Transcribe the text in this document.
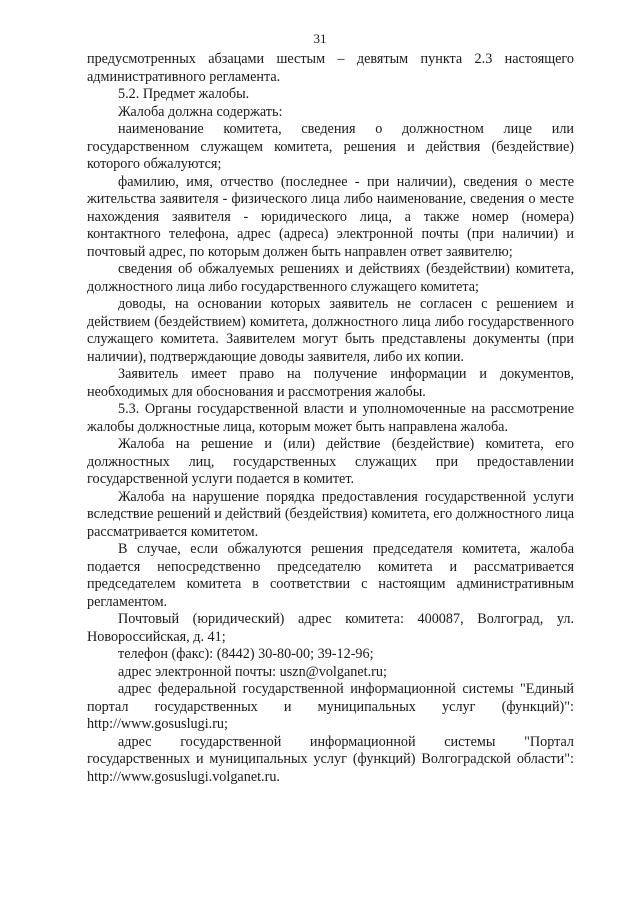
31

предусмотренных абзацами шестым – девятым пункта 2.3 настоящего административного регламента.

5.2. Предмет жалобы.

Жалоба должна содержать:

наименование комитета, сведения о должностном лице или государственном служащем комитета, решения и действия (бездействие) которого обжалуются;

фамилию, имя, отчество (последнее - при наличии), сведения о месте жительства заявителя - физического лица либо наименование, сведения о месте нахождения заявителя - юридического лица, а также номер (номера) контактного телефона, адрес (адреса) электронной почты (при наличии) и почтовый адрес, по которым должен быть направлен ответ заявителю;

сведения об обжалуемых решениях и действиях (бездействии) комитета, должностного лица либо государственного служащего комитета;

доводы, на основании которых заявитель не согласен с решением и действием (бездействием) комитета, должностного лица либо государственного служащего комитета. Заявителем могут быть представлены документы (при наличии), подтверждающие доводы заявителя, либо их копии.

Заявитель имеет право на получение информации и документов, необходимых для обоснования и рассмотрения жалобы.

5.3. Органы государственной власти и уполномоченные на рассмотрение жалобы должностные лица, которым может быть направлена жалоба.

Жалоба на решение и (или) действие (бездействие) комитета, его должностных лиц, государственных служащих при предоставлении государственной услуги подается в комитет.

Жалоба на нарушение порядка предоставления государственной услуги вследствие решений и действий (бездействия) комитета, его должностного лица рассматривается комитетом.

В случае, если обжалуются решения председателя комитета, жалоба подается непосредственно председателю комитета и рассматривается председателем комитета в соответствии с настоящим административным регламентом.

Почтовый (юридический) адрес комитета: 400087, Волгоград, ул. Новороссийская, д. 41;

телефон (факс): (8442) 30-80-00; 39-12-96;

адрес электронной почты: uszn@volganet.ru;

адрес федеральной государственной информационной системы "Единый портал государственных и муниципальных услуг (функций)": http://www.gosuslugi.ru;

адрес государственной информационной системы "Портал государственных и муниципальных услуг (функций) Волгоградской области": http://www.gosuslugi.volganet.ru.
